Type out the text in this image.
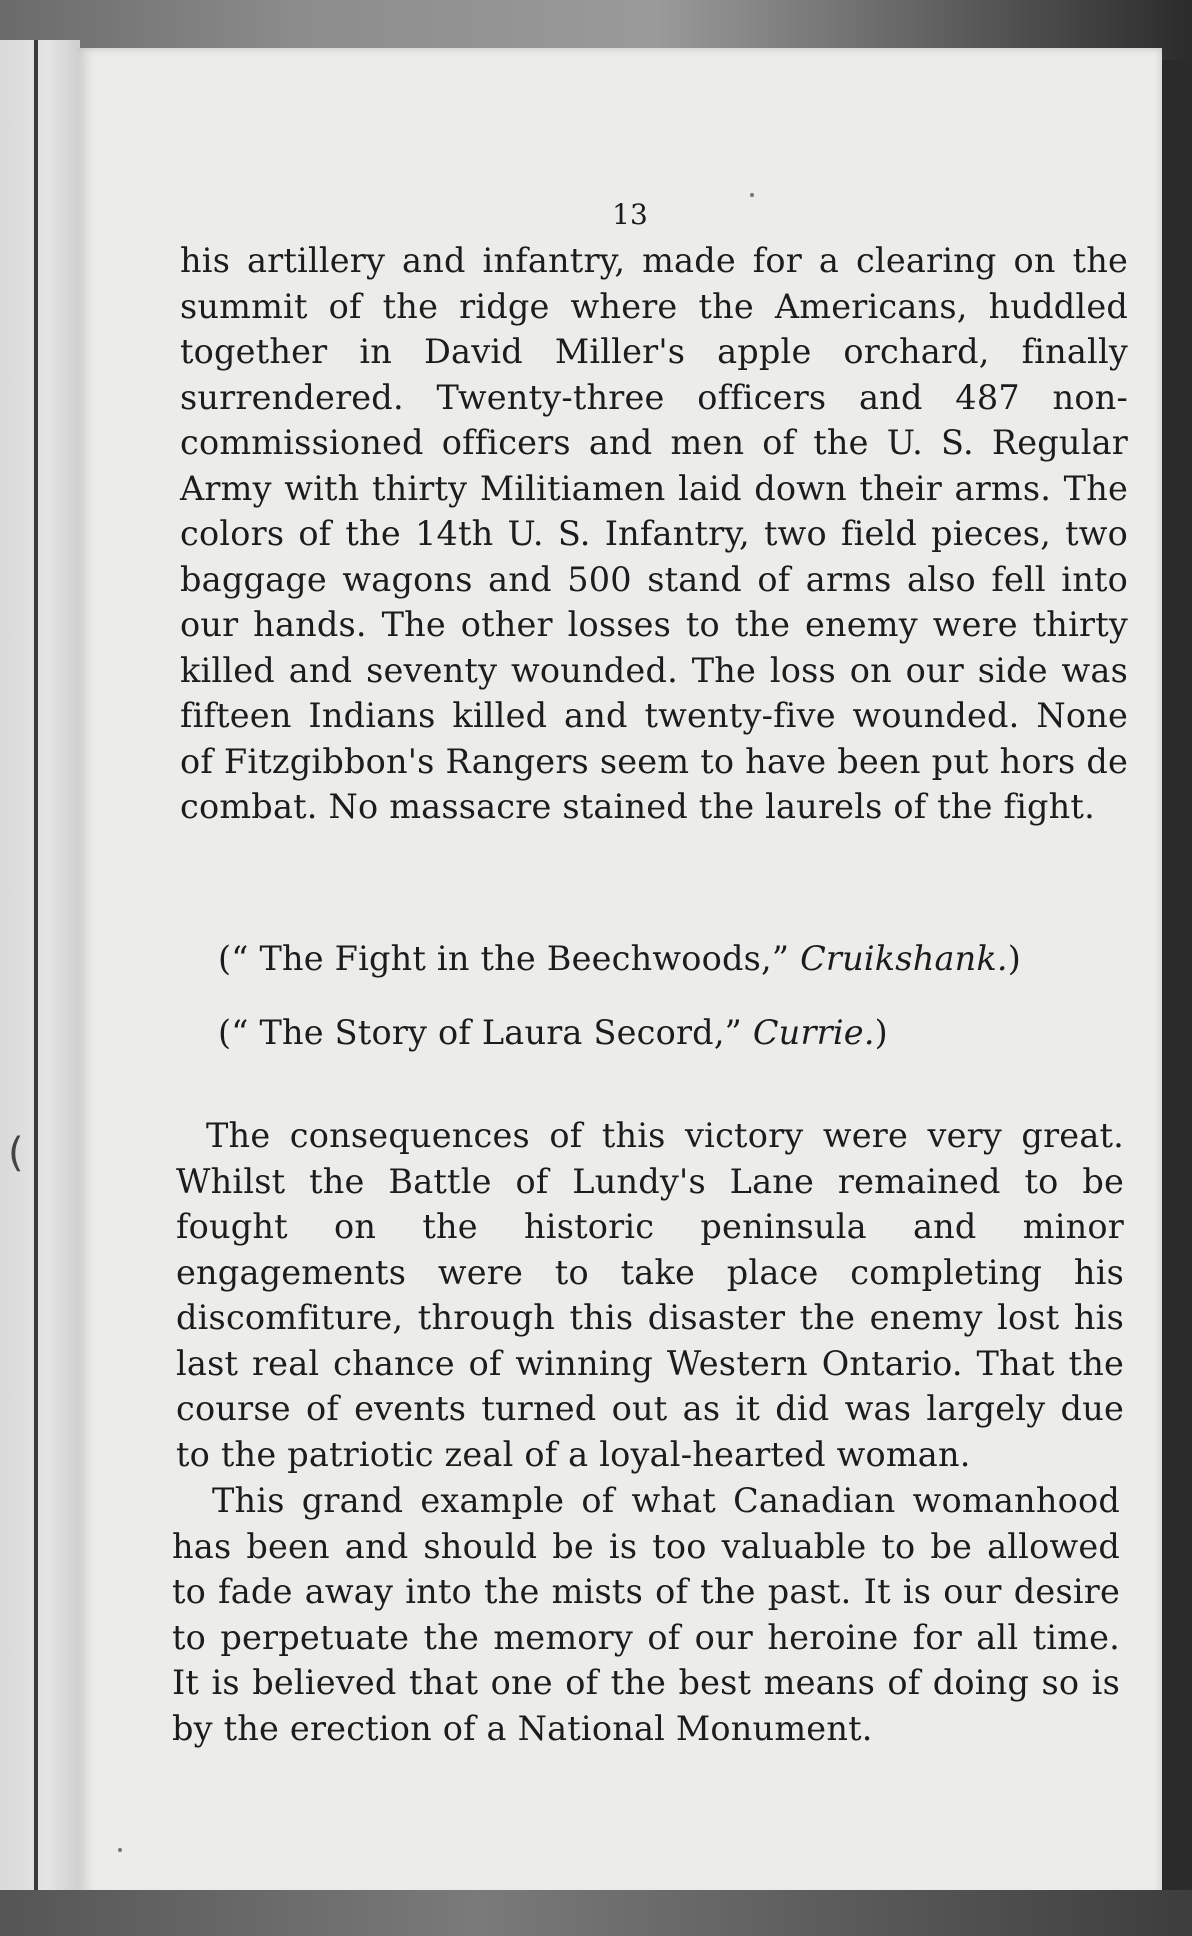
(
13

his artillery and infantry, made for a clearing on the summit of the ridge where the Americans, huddled together in David Miller's apple orchard, finally surrendered. Twenty-three officers and 487 non-commissioned officers and men of the U. S. Regular Army with thirty Militiamen laid down their arms. The colors of the 14th U. S. Infantry, two field pieces, two baggage wagons and 500 stand of arms also fell into our hands. The other losses to the enemy were thirty killed and seventy wounded. The loss on our side was fifteen Indians killed and twenty-five wounded. None of Fitzgibbon's Rangers seem to have been put hors de combat. No massacre stained the laurels of the fight.

(“ The Fight in the Beechwoods,” Cruikshank.)
(“ The Story of Laura Secord,” Currie.)

The consequences of this victory were very great. Whilst the Battle of Lundy's Lane remained to be fought on the historic peninsula and minor engagements were to take place completing his discomfiture, through this disaster the enemy lost his last real chance of winning Western Ontario. That the course of events turned out as it did was largely due to the patriotic zeal of a loyal-hearted woman.

This grand example of what Canadian womanhood has been and should be is too valuable to be allowed to fade away into the mists of the past. It is our desire to perpetuate the memory of our heroine for all time. It is believed that one of the best means of doing so is by the erection of a National Monument.
